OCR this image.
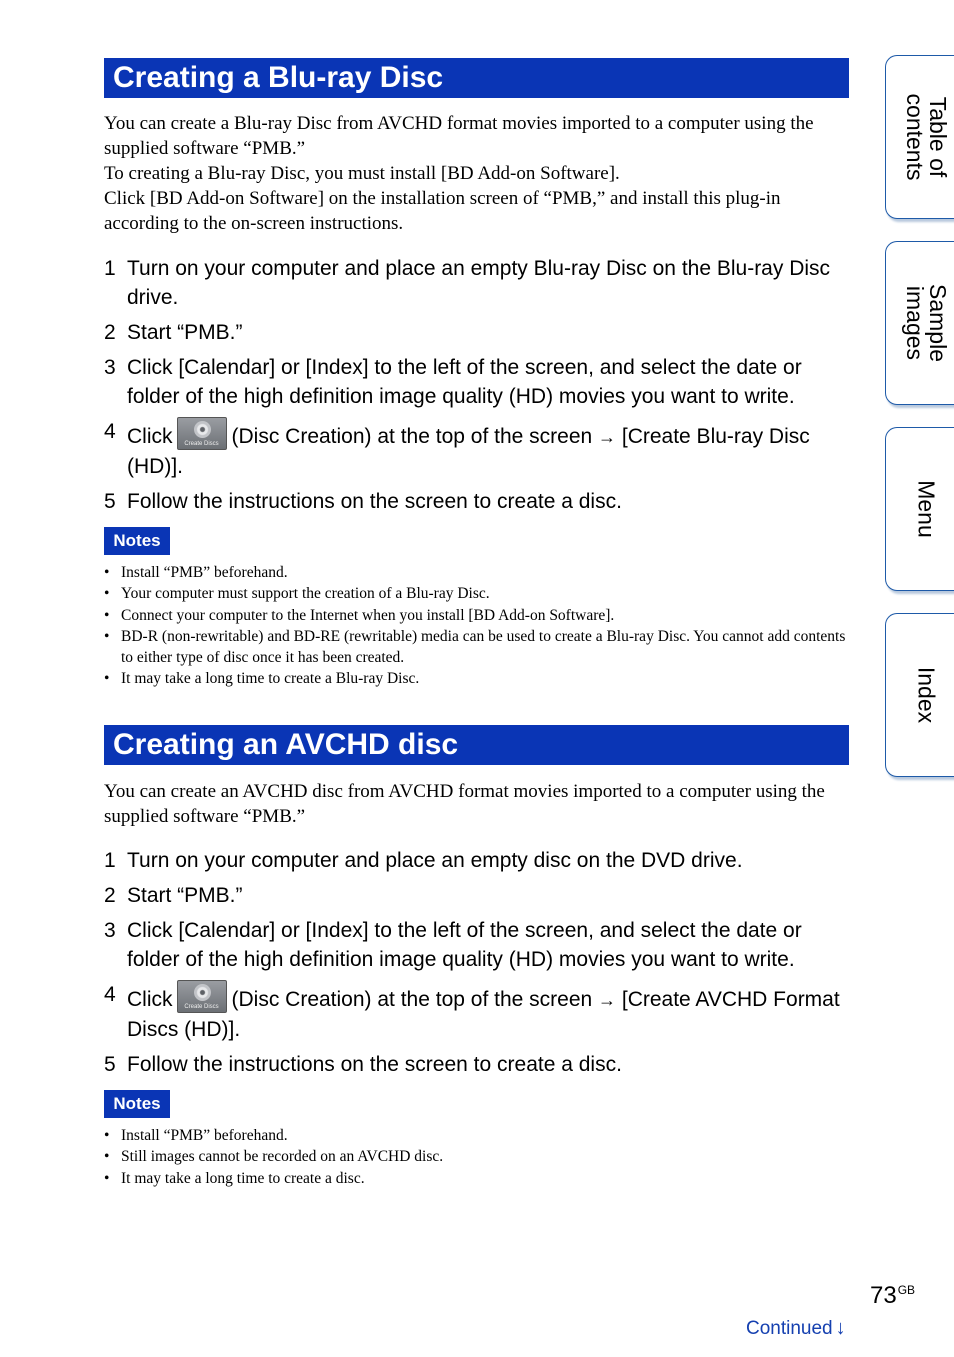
Creating a Blu-ray Disc

You can create a Blu-ray Disc from AVCHD format movies imported to a computer using the supplied software “PMB.”

To creating a Blu-ray Disc, you must install [BD Add-on Software].

Click [BD Add-on Software] on the installation screen of “PMB,” and install this plug-in according to the on-screen instructions.

1 Turn on your computer and place an empty Blu-ray Disc on the Blu-ray Disc drive.
2 Start “PMB.”
3 Click [Calendar] or [Index] to the left of the screen, and select the date or folder of the high definition image quality (HD) movies you want to write.
4 Click	Create Discs (Disc Creation) at the top of the screen → [Create Blu-ray Disc (HD)].
5 Follow the instructions on the screen to create a disc.
Notes
• Install “PMB” beforehand.
• Your computer must support the creation of a Blu-ray Disc.
• Connect your computer to the Internet when you install [BD Add-on Software].
• BD-R (non-rewritable) and BD-RE (rewritable) media can be used to create a Blu-ray Disc. You cannot add contents to either type of disc once it has been created.
• It may take a long time to create a Blu-ray Disc.
Creating an AVCHD disc

You can create an AVCHD disc from AVCHD format movies imported to a computer using the supplied software “PMB.”

1 Turn on your computer and place an empty disc on the DVD drive.
2 Start “PMB.”
3 Click [Calendar] or [Index] to the left of the screen, and select the date or folder of the high definition image quality (HD) movies you want to write.
4 Click	Create Discs (Disc Creation) at the top of the screen → [Create AVCHD Format Discs (HD)].
5 Follow the instructions on the screen to create a disc.
Notes
• Install “PMB” beforehand.
• Still images cannot be recorded on an AVCHD disc.
• It may take a long time to create a disc.
Table of
contents
Sample
images
Menu
Index
$73^{GB}$
Continued ↓
